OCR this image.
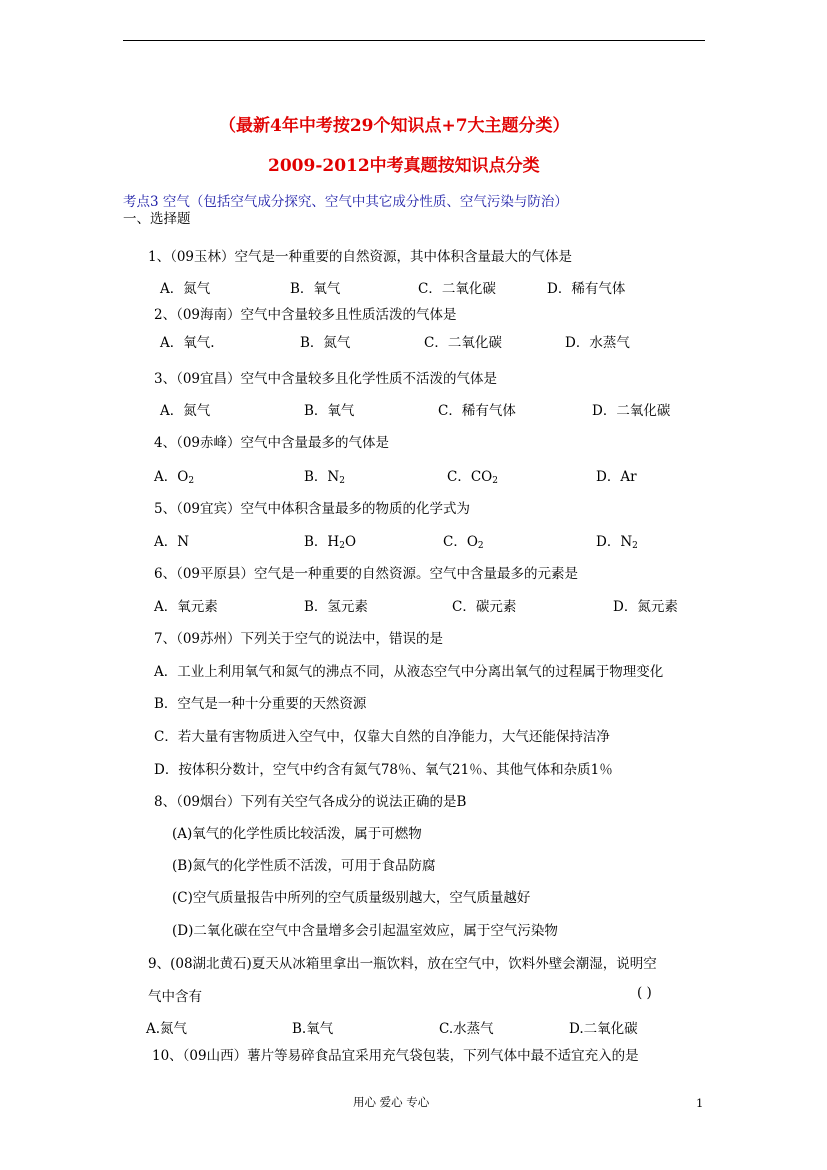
（最新4年中考按29个知识点+7大主题分类）
2009-2012中考真题按知识点分类
考点3 空气（包括空气成分探究、空气中其它成分性质、空气污染与防治）
一、选择题
1、（09玉林）空气是一种重要的自然资源，其中体积含量最大的气体是
A．氮气	B．氧气	C．二氧化碳	D．稀有气体
2、（09海南）空气中含量较多且性质活泼的气体是
A．氧气.	B．氮气	C．二氧化碳	D．水蒸气
3、（09宜昌）空气中含量较多且化学性质不活泼的气体是
A．氮气	B．氧气	C．稀有气体	D．二氧化碳
4、（09赤峰）空气中含量最多的气体是
A．$O_2$	B．$N_2$	C．$CO_2$	D．Ar
5、（09宜宾）空气中体积含量最多的物质的化学式为
A．N	B．$H_2O$	C．$O_2$	D．$N_2$
6、（09平原县）空气是一种重要的自然资源。空气中含量最多的元素是
A．氧元素	B．氢元素	C．碳元素	D．氮元素
7、（09苏州）下列关于空气的说法中，错误的是
A．工业上利用氧气和氮气的沸点不同，从液态空气中分离出氧气的过程属于物理变化
B．空气是一种十分重要的天然资源
C．若大量有害物质进入空气中，仅靠大自然的自净能力，大气还能保持洁净
D．按体积分数计，空气中约含有氮气78％、氧气21％、其他气体和杂质1％
8、（09烟台）下列有关空气各成分的说法正确的是B
(A)氧气的化学性质比较活泼，属于可燃物
(B)氮气的化学性质不活泼，可用于食品防腐
(C)空气质量报告中所列的空气质量级别越大，空气质量越好
(D)二氧化碳在空气中含量增多会引起温室效应，属于空气污染物
9、(08湖北黄石)夏天从冰箱里拿出一瓶饮料，放在空气中，饮料外壁会潮湿，说明空
气中含有	( )
A.氮气	B.氧气	C.水蒸气	D.二氧化碳
10、（09山西）薯片等易碎食品宜采用充气袋包装，下列气体中最不适宜充入的是
用心 爱心 专心	1
